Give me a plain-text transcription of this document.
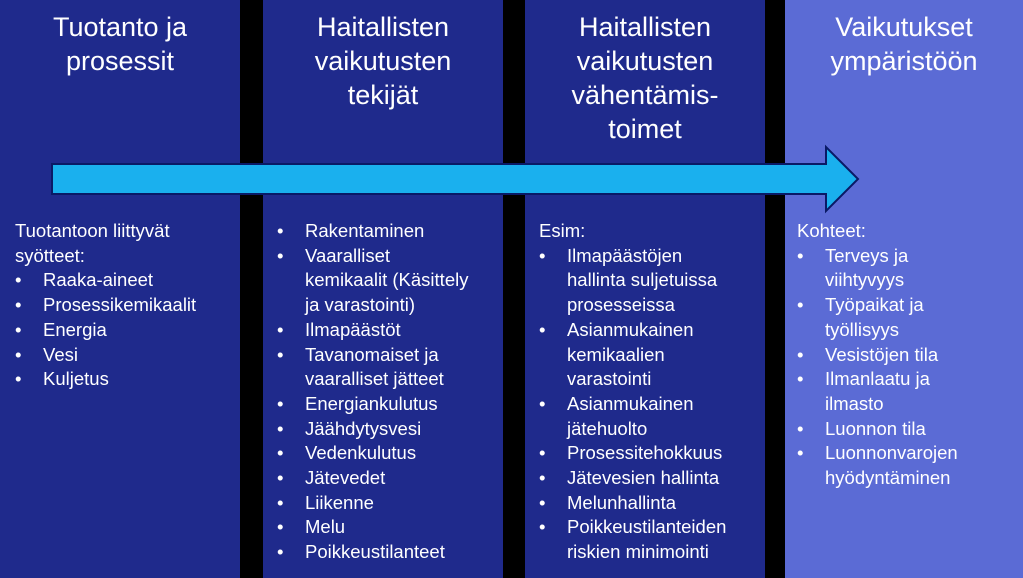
Tuotanto ja
prosessit

Tuotantoon liittyvät
syötteet:

• Raaka-aineet
• Prosessikemikaalit
• Energia
• Vesi
• Kuljetus
Haitallisten
vaikutusten
tekijät
• Rakentaminen
• Vaaralliset
kemikaalit (Käsittely
ja varastointi)
• Ilmapäästöt
• Tavanomaiset ja
vaaralliset jätteet
• Energiankulutus
• Jäähdytysvesi
• Vedenkulutus
• Jätevedet
• Liikenne
• Melu
• Poikkeustilanteet
Haitallisten
vaikutusten
vähentämis-
toimet

Esim:

• Ilmapäästöjen
hallinta suljetuissa
prosesseissa
• Asianmukainen
kemikaalien
varastointi
• Asianmukainen
jätehuolto
• Prosessitehokkuus
• Jätevesien hallinta
• Melunhallinta
• Poikkeustilanteiden
riskien minimointi
Vaikutukset
ympäristöön

Kohteet:

• Terveys ja
viihtyvyys
• Työpaikat ja
työllisyys
• Vesistöjen tila
• Ilmanlaatu ja
ilmasto
• Luonnon tila
• Luonnonvarojen
hyödyntäminen
